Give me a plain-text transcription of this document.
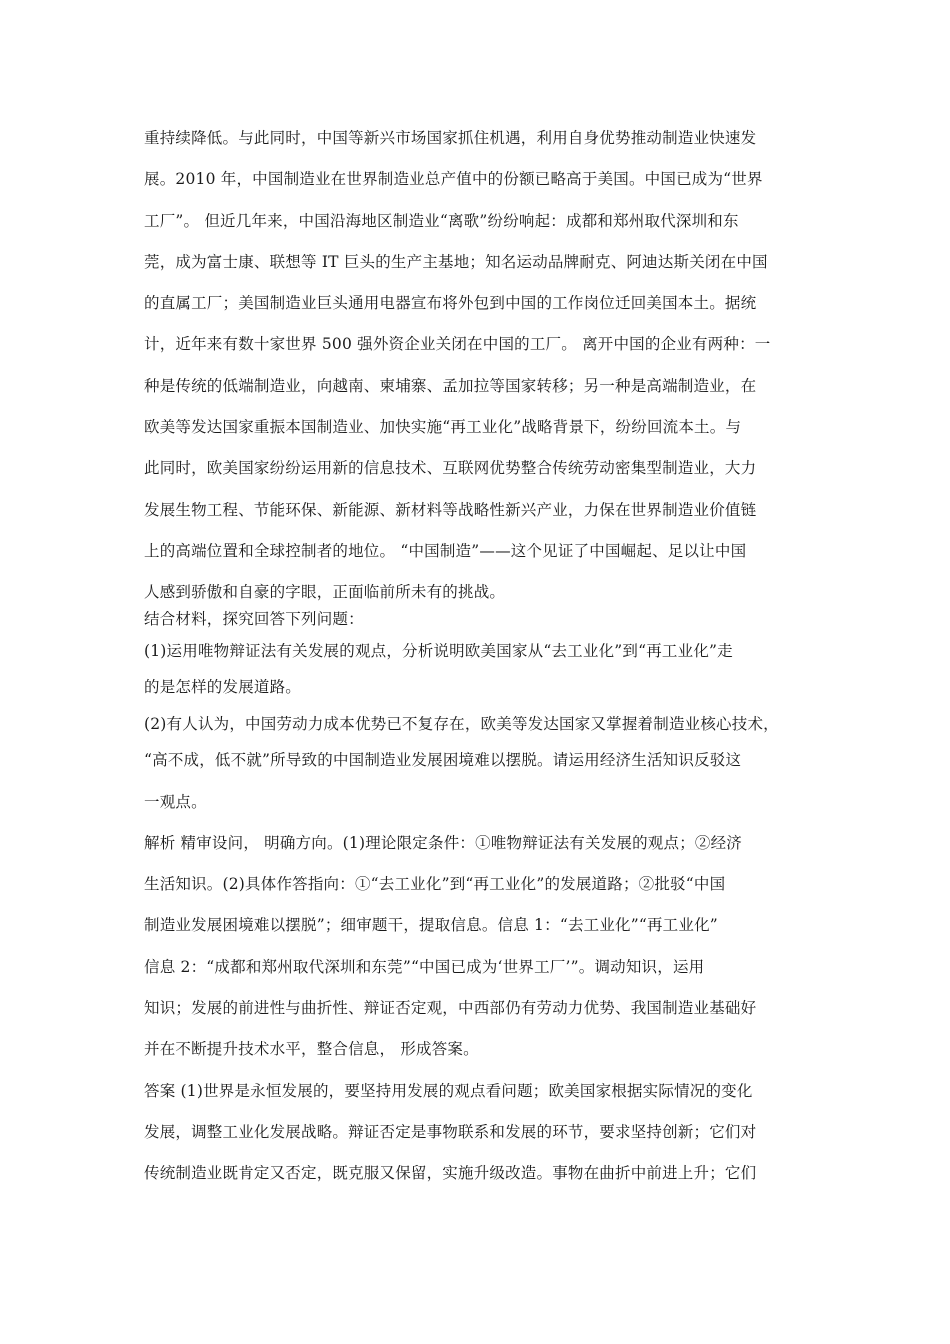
重持续降低。与此同时，中国等新兴市场国家抓住机遇，利用自身优势推动制造业快速发
展。2010 年，中国制造业在世界制造业总产值中的份额已略高于美国。中国已成为“世界
工厂”。 但近几年来，中国沿海地区制造业“离歌”纷纷响起：成都和郑州取代深圳和东
莞，成为富士康、联想等 IT 巨头的生产主基地；知名运动品牌耐克、阿迪达斯关闭在中国
的直属工厂；美国制造业巨头通用电器宣布将外包到中国的工作岗位迁回美国本土。据统
计，近年来有数十家世界 500 强外资企业关闭在中国的工厂。 离开中国的企业有两种：一
种是传统的低端制造业，向越南、柬埔寨、孟加拉等国家转移；另一种是高端制造业，在
欧美等发达国家重振本国制造业、加快实施“再工业化”战略背景下，纷纷回流本土。与
此同时，欧美国家纷纷运用新的信息技术、互联网优势整合传统劳动密集型制造业，大力
发展生物工程、节能环保、新能源、新材料等战略性新兴产业，力保在世界制造业价值链
上的高端位置和全球控制者的地位。 “中国制造”——这个见证了中国崛起、足以让中国
人感到骄傲和自豪的字眼，正面临前所未有的挑战。
结合材料，探究回答下列问题：
(1)运用唯物辩证法有关发展的观点，分析说明欧美国家从“去工业化”到“再工业化”走
的是怎样的发展道路。
(2)有人认为，中国劳动力成本优势已不复存在，欧美等发达国家又掌握着制造业核心技术，
“高不成，低不就”所导致的中国制造业发展困境难以摆脱。请运用经济生活知识反驳这
一观点。
解析 精审设问， 明确方向。(1)理论限定条件：①唯物辩证法有关发展的观点；②经济
生活知识。(2)具体作答指向：①“去工业化”到“再工业化”的发展道路；②批驳“中国
制造业发展困境难以摆脱”；细审题干，提取信息。信息 1：“去工业化”“再工业化”
信息 2：“成都和郑州取代深圳和东莞”“中国已成为‘世界工厂’”。调动知识，运用
知识；发展的前进性与曲折性、辩证否定观，中西部仍有劳动力优势、我国制造业基础好
并在不断提升技术水平，整合信息， 形成答案。
答案 (1)世界是永恒发展的，要坚持用发展的观点看问题；欧美国家根据实际情况的变化
发展，调整工业化发展战略。辩证否定是事物联系和发展的环节，要求坚持创新；它们对
传统制造业既肯定又否定，既克服又保留，实施升级改造。事物在曲折中前进上升；它们
